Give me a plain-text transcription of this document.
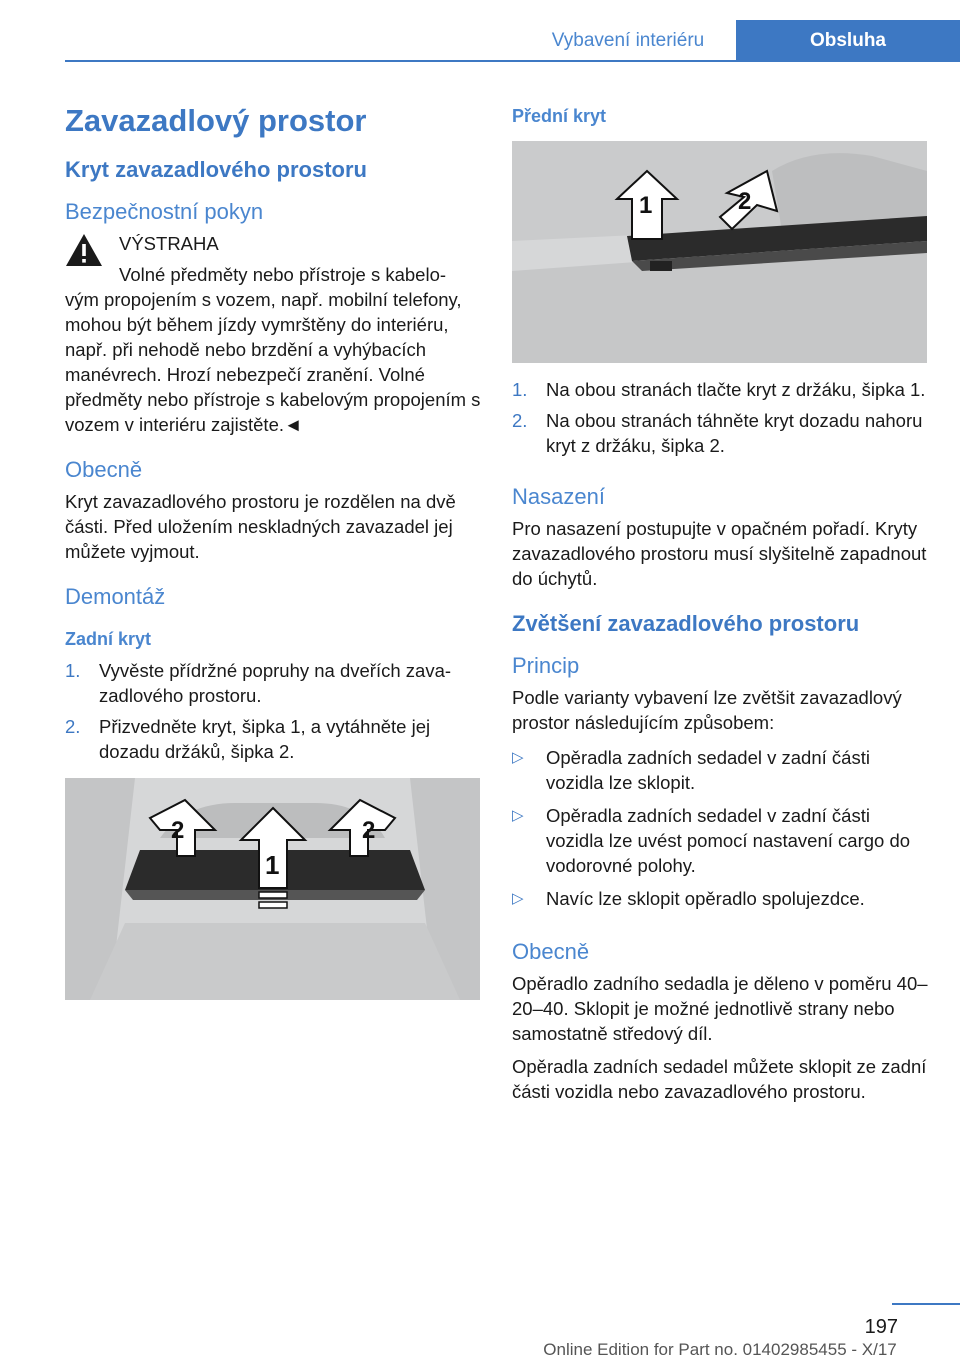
Vybavení interiéru	Obsluha
Zavazadlový prostor
Kryt zavazadlového prostoru
Bezpečnostní pokyn

VÝSTRAHA

Volné předměty nebo přístroje s kabelo-

vým propojením s vozem, např. mobilní telefony, mohou být během jízdy vymrštěny do interiéru, např. při nehodě nebo brzdění a vyhýbacích manévrech. Hrozí nebezpečí zranění. Volné předměty nebo přístroje s kabelovým propojením s vozem v interiéru zajistěte.◄

Obecně

Kryt zavazadlového prostoru je rozdělen na dvě části. Před uložením neskladných zavazadel jej můžete vyjmout.

Demontáž
Zadní kryt
1.	Vyvěste přídržné popruhy na dveřích zavazadlového prostoru.
2.	Přizvedněte kryt, šipka 1, a vytáhněte jej dozadu držáků, šipka 2.
2
1
2
Přední kryt
1	2
1.	Na obou stranách tlačte kryt z držáku, šipka 1.
2.	Na obou stranách táhněte kryt dozadu nahoru kryt z držáku, šipka 2.
Nasazení

Pro nasazení postupujte v opačném pořadí. Kryty zavazadlového prostoru musí slyšitelně zapadnout do úchytů.

Zvětšení zavazadlového prostoru
Princip

Podle varianty vybavení lze zvětšit zavazadlový prostor následujícím způsobem:

▷	Opěradla zadních sedadel v zadní části vozidla lze sklopit.
▷	Opěradla zadních sedadel v zadní části vozidla lze uvést pomocí nastavení cargo do vodorovné polohy.
▷	Navíc lze sklopit opěradlo spolujezdce.
Obecně

Opěradlo zadního sedadla je děleno v poměru 40–20–40. Sklopit je možné jednotlivě strany nebo samostatně středový díl.

Opěradla zadních sedadel můžete sklopit ze zadní části vozidla nebo zavazadlového prostoru.

197
Online Edition for Part no. 01402985455 - X/17
